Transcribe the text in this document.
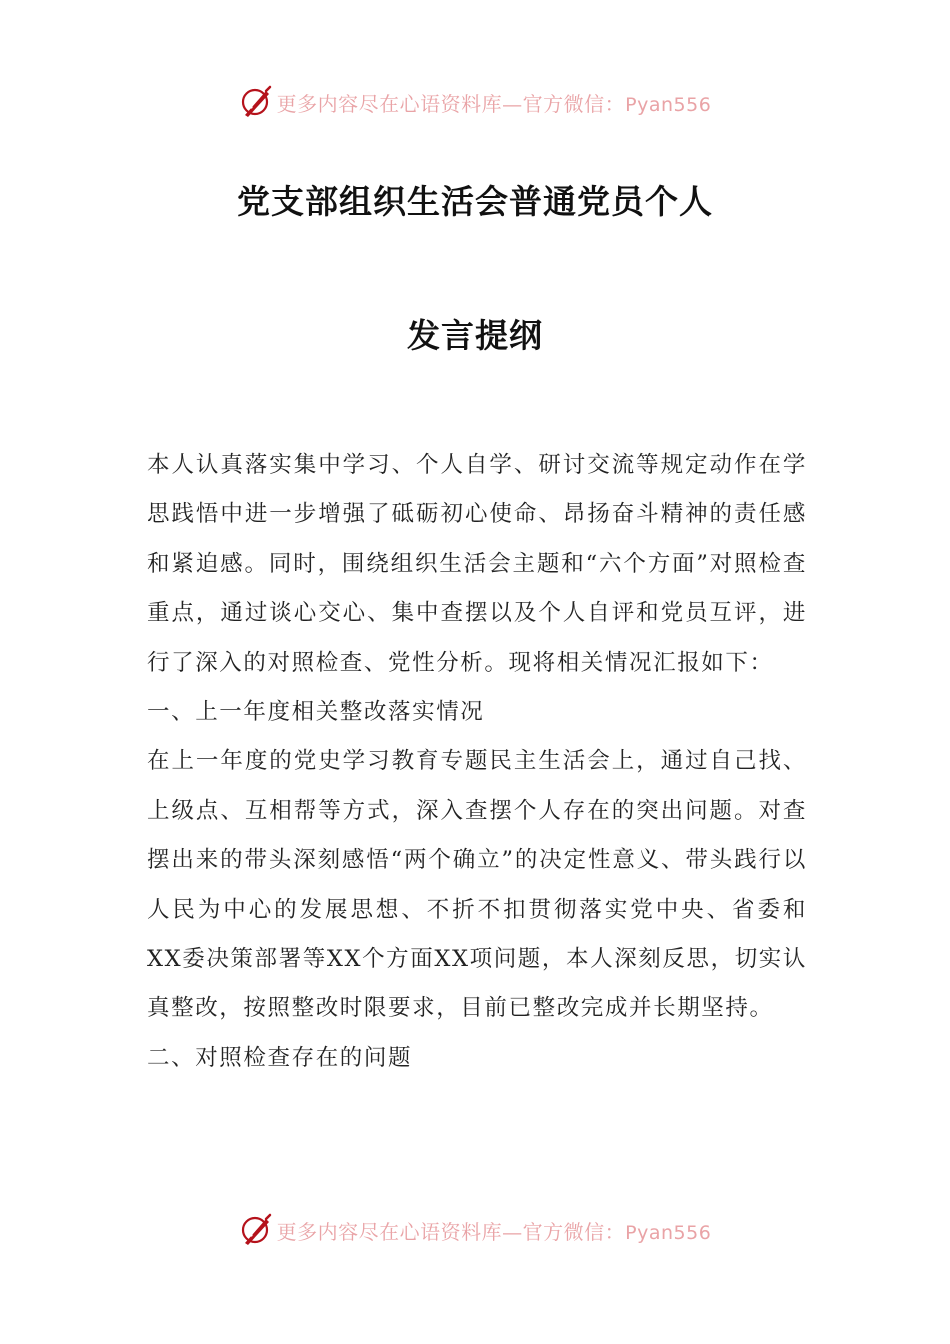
更多内容尽在心语资料库—官方微信：Pyan556
党支部组织生活会普通党员个人
发言提纲

本人认真落实集中学习、个人自学、研讨交流等规定动作在学思践悟中进一步增强了砥砺初心使命、昂扬奋斗精神的责任感和紧迫感。同时，围绕组织生活会主题和“六个方面”对照检查重点，通过谈心交心、集中查摆以及个人自评和党员互评，进行了深入的对照检查、党性分析。现将相关情况汇报如下：

一、上一年度相关整改落实情况

在上一年度的党史学习教育专题民主生活会上，通过自己找、上级点、互相帮等方式，深入查摆个人存在的突出问题。对查摆出来的带头深刻感悟“两个确立”的决定性意义、带头践行以人民为中心的发展思想、不折不扣贯彻落实党中央、省委和XX委决策部署等XX个方面XX项问题，本人深刻反思，切实认真整改，按照整改时限要求，目前已整改完成并长期坚持。

二、对照检查存在的问题

更多内容尽在心语资料库—官方微信：Pyan556
